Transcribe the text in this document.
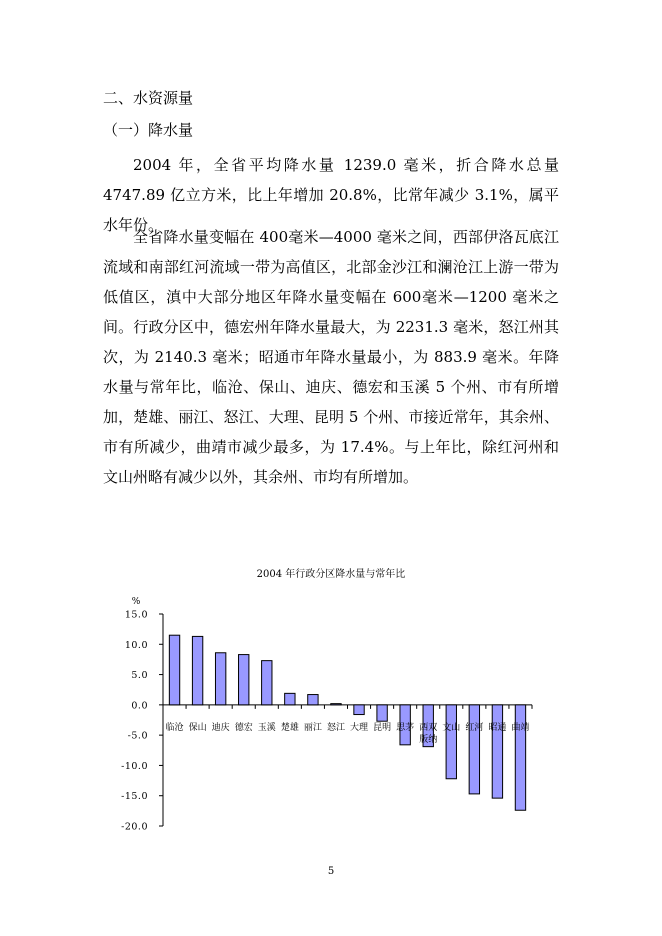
二、水资源量

（一）降水量

2004 年，全省平均降水量 1239.0 毫米，折合降水总量 4747.89 亿立方米，比上年增加 20.8%，比常年减少 3.1%，属平水年份。

全省降水量变幅在 400毫米—4000 毫米之间，西部伊洛瓦底江流域和南部红河流域一带为高值区，北部金沙江和澜沧江上游一带为低值区，滇中大部分地区年降水量变幅在 600毫米—1200 毫米之间。行政分区中，德宏州年降水量最大，为 2231.3 毫米，怒江州其次，为 2140.3 毫米；昭通市年降水量最小，为 883.9 毫米。年降水量与常年比，临沧、保山、迪庆、德宏和玉溪 5 个州、市有所增加，楚雄、丽江、怒江、大理、昆明 5 个州、市接近常年，其余州、市有所减少，曲靖市减少最多，为 17.4%。与上年比，除红河州和文山州略有减少以外，其余州、市均有所增加。

2004 年行政分区降水量与常年比
%
15.0
10.0
5.0
0.0
-5.0
-10.0
-15.0
-20.0
临沧 保山 迪庆 德宏 玉溪 楚雄 丽江 怒江 大理 昆明 思茅 西双版纳
文山 红河 昭通 曲靖
5
